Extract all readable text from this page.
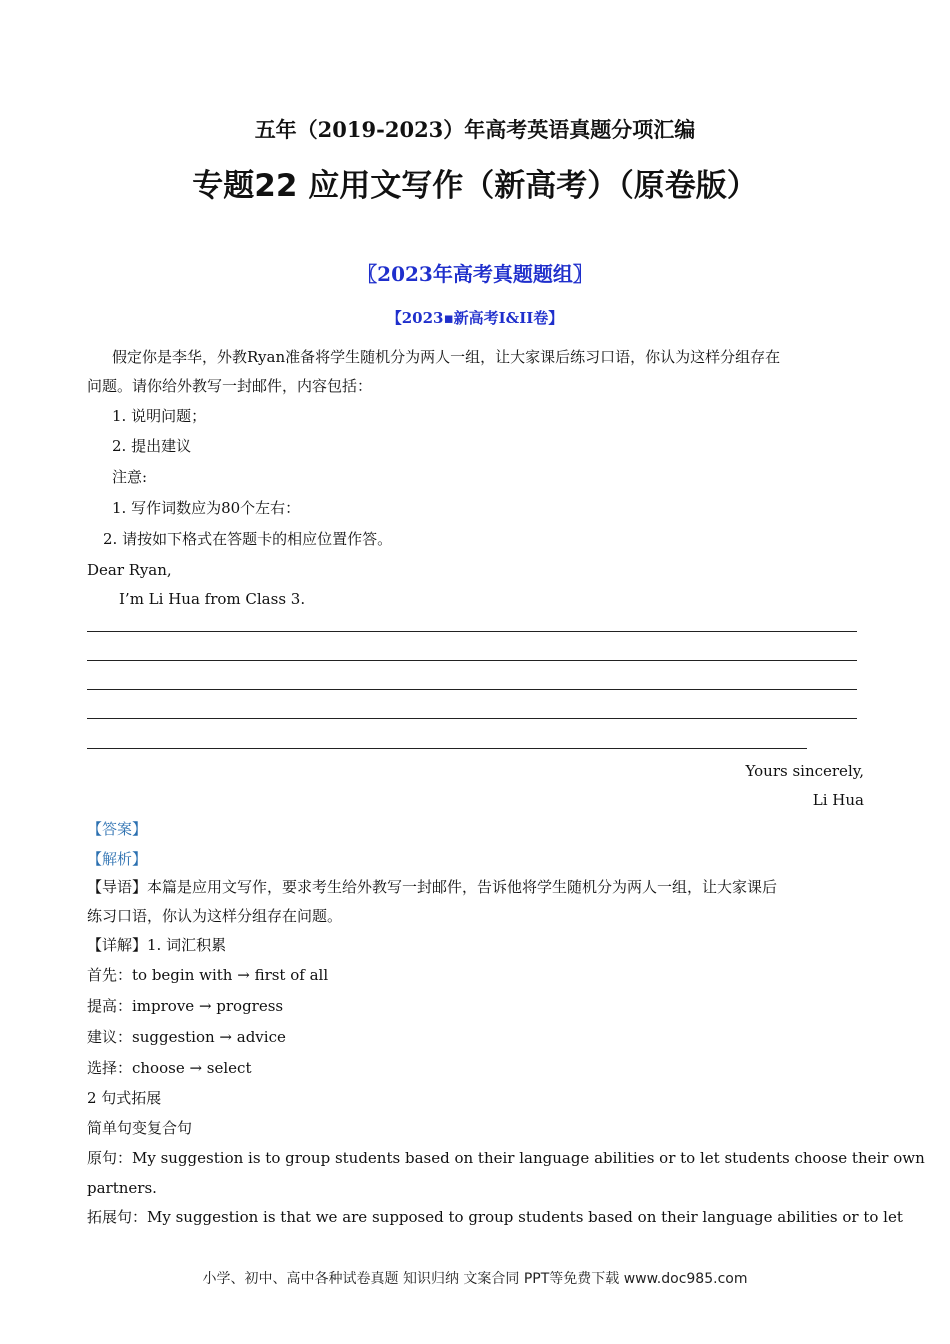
五年（2019-2023）年高考英语真题分项汇编
专题22 应用文写作（新高考）（原卷版）
〖2023年高考真题题组〗
【2023▪新高考I&II卷】
假定你是李华，外教Ryan准备将学生随机分为两人一组，让大家课后练习口语，你认为这样分组存在
问题。请你给外教写一封邮件，内容包括：
1. 说明问题；
2. 提出建议
注意:
1. 写作词数应为80个左右：
2. 请按如下格式在答题卡的相应位置作答。
Dear Ryan,
I’m Li Hua from Class 3.
Yours sincerely,
Li Hua
【答案】
【解析】
【导语】本篇是应用文写作，要求考生给外教写一封邮件，告诉他将学生随机分为两人一组，让大家课后
练习口语，你认为这样分组存在问题。
【详解】1. 词汇积累
首先：to begin with → first of all
提高：improve → progress
建议：suggestion → advice
选择：choose → select
2 句式拓展
简单句变复合句
原句：My suggestion is to group students based on their language abilities or to let students choose their own
partners.
拓展句：My suggestion is that we are supposed to group students based on their language abilities or to let
小学、初中、高中各种试卷真题 知识归纳 文案合同 PPT等免费下载 www.doc985.com
